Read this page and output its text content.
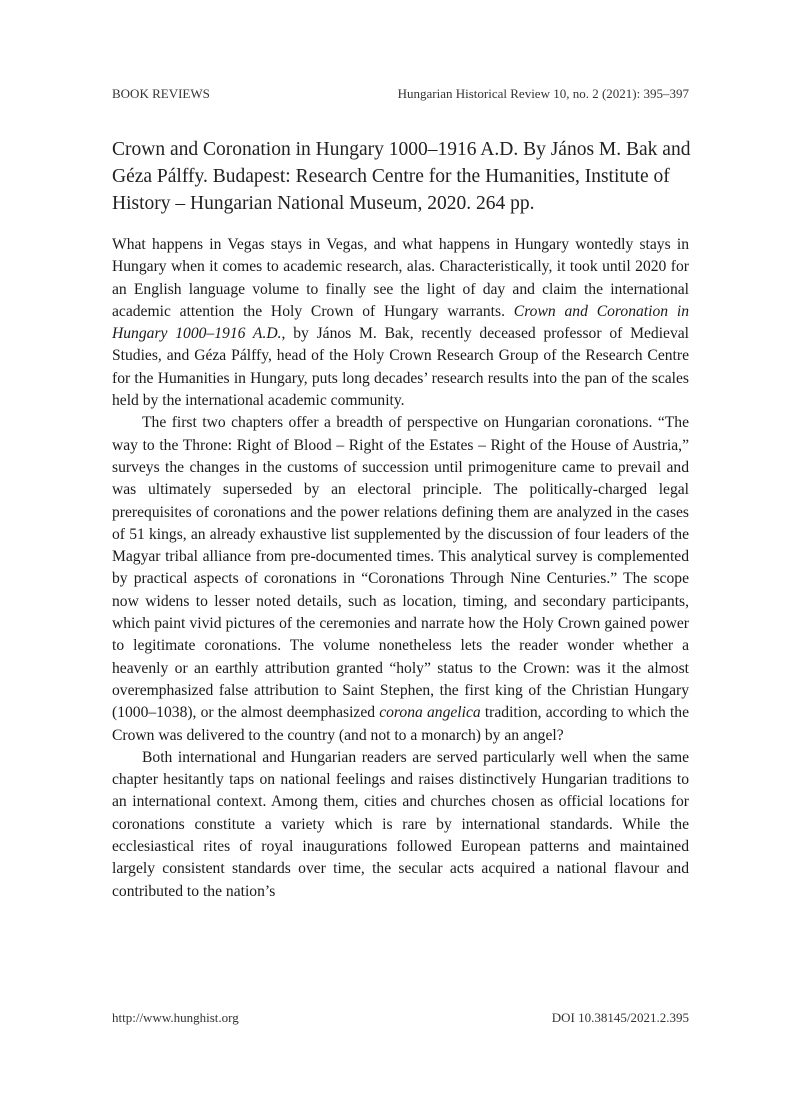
BOOK REVIEWS	Hungarian Historical Review 10, no. 2 (2021): 395–397
Crown and Coronation in Hungary 1000–1916 A.D. By János M. Bak and Géza Pálffy. Budapest: Research Centre for the Humanities, Institute of History – Hungarian National Museum, 2020. 264 pp.

What happens in Vegas stays in Vegas, and what happens in Hungary wontedly stays in Hungary when it comes to academic research, alas. Characteristically, it took until 2020 for an English language volume to finally see the light of day and claim the international academic attention the Holy Crown of Hungary warrants. Crown and Coronation in Hungary 1000–1916 A.D., by János M. Bak, recently deceased professor of Medieval Studies, and Géza Pálffy, head of the Holy Crown Research Group of the Research Centre for the Humanities in Hungary, puts long decades’ research results into the pan of the scales held by the international academic community.

The first two chapters offer a breadth of perspective on Hungarian coronations. “The way to the Throne: Right of Blood – Right of the Estates – Right of the House of Austria,” surveys the changes in the customs of succession until primogeniture came to prevail and was ultimately superseded by an electoral principle. The politically-charged legal prerequisites of coronations and the power relations defining them are analyzed in the cases of 51 kings, an already exhaustive list supplemented by the discussion of four leaders of the Magyar tribal alliance from pre-documented times. This analytical survey is complemented by practical aspects of coronations in “Coronations Through Nine Centuries.” The scope now widens to lesser noted details, such as location, timing, and secondary participants, which paint vivid pictures of the ceremonies and narrate how the Holy Crown gained power to legitimate coronations. The volume nonetheless lets the reader wonder whether a heavenly or an earthly attribution granted “holy” status to the Crown: was it the almost overemphasized false attribution to Saint Stephen, the first king of the Christian Hungary (1000–1038), or the almost deemphasized corona angelica tradition, according to which the Crown was delivered to the country (and not to a monarch) by an angel?

Both international and Hungarian readers are served particularly well when the same chapter hesitantly taps on national feelings and raises distinctively Hungarian traditions to an international context. Among them, cities and churches chosen as official locations for coronations constitute a variety which is rare by international standards. While the ecclesiastical rites of royal inaugurations followed European patterns and maintained largely consistent standards over time, the secular acts acquired a national flavour and contributed to the nation’s

http://www.hunghist.org	DOI 10.38145/2021.2.395
